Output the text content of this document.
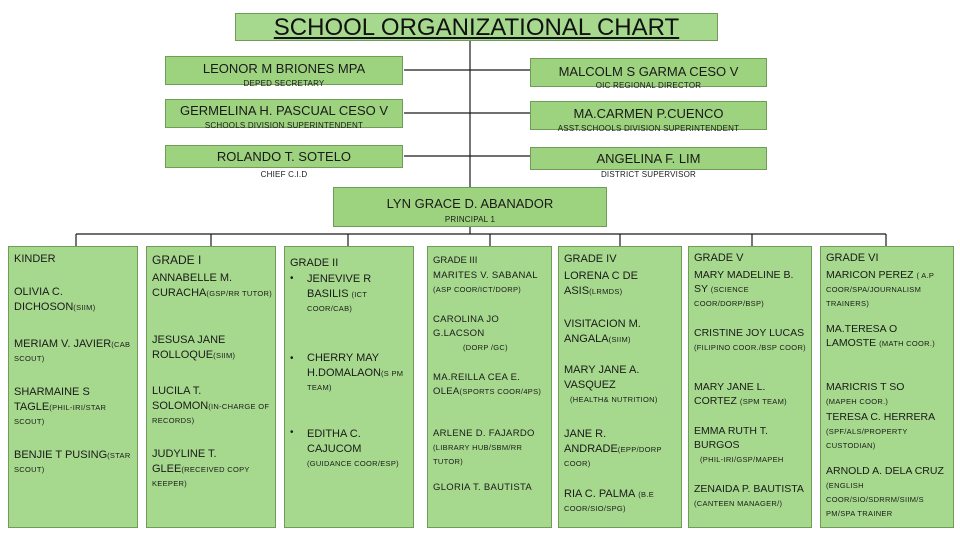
SCHOOL ORGANIZATIONAL CHART
LEONOR M BRIONES MPA
DEPED SECRETARY
MALCOLM S GARMA CESO V
OIC REGIONAL DIRECTOR
GERMELINA H. PASCUAL CESO V
SCHOOLS DIVISION SUPERINTENDENT
MA.CARMEN P.CUENCO
ASST.SCHOOLS DIVISION SUPERINTENDENT
ROLANDO T. SOTELO
CHIEF C.I.D
ANGELINA F. LIM
DISTRICT SUPERVISOR
LYN GRACE D. ABANADOR
PRINCIPAL 1
KINDER
OLIVIA C. DICHOSON(SIIM)
MERIAM V. JAVIER(CAB SCOUT)
SHARMAINE S TAGLE(PHIL-IRI/STAR SCOUT)
BENJIE T PUSING(STAR SCOUT)
GRADE I
ANNABELLE M. CURACHA(GSP/RR TUTOR)
JESUSA JANE ROLLOQUE(SIIM)
LUCILA T. SOLOMON(IN-CHARGE OF RECORDS)
JUDYLINE T. GLEE(RECEIVED COPY KEEPER)
GRADE II
• JENEVIVE R BASILIS (ICT COOR/CAB)
• CHERRY MAY H.DOMALAON(S PM TEAM)
• EDITHA C. CAJUCOM
(GUIDANCE COOR/ESP)
GRADE III
MARITES V. SABANAL
(ASP COOR/ICT/DORP)
CAROLINA JO G.LACSON
(DORP /GC)
MA.REILLA CEA E. OLEA(SPORTS COOR/4PS)
ARLENE D. FAJARDO
(LIBRARY HUB/SBM/RR TUTOR)
GLORIA T. BAUTISTA
GRADE IV
LORENA C DE ASIS(LRMDS)
VISITACION M. ANGALA(SIIM)
MARY JANE A. VASQUEZ
(HEALTH& NUTRITION)
JANE R. ANDRADE(EPP/DORP COOR)
RIA C. PALMA (B.E COOR/SIO/SPG)
GRADE V
MARY MADELINE B. SY (SCIENCE COOR/DORP/BSP)
CRISTINE JOY LUCAS
(FILIPINO COOR./BSP COOR)
MARY JANE L. CORTEZ (SPM TEAM)
EMMA RUTH T. BURGOS
(PHIL-IRI/GSP/MAPEH
ZENAIDA P. BAUTISTA (CANTEEN MANAGER/)
GRADE VI
MARICON PEREZ ( A.P COOR/SPA/JOURNALISM TRAINERS)
MA.TERESA O LAMOSTE (MATH COOR.)
MARICRIS T SO
(MAPEH COOR.)
TERESA C. HERRERA
(SPF/ALS/PROPERTY CUSTODIAN)
ARNOLD A. DELA CRUZ (ENGLISH COOR/SIO/SDRRM/SIIM/S PM/SPA TRAINER
